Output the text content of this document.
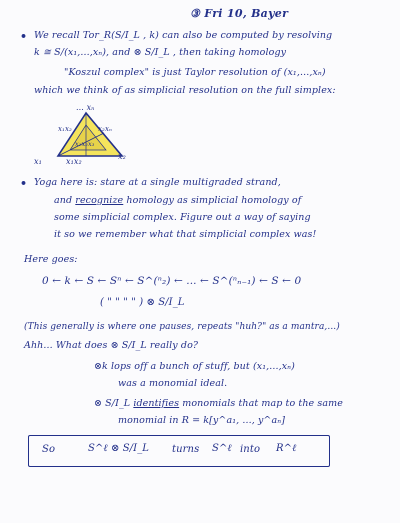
③ Fri 10, Bayer
• We recall Tor_R(S/I_L , k) can also be computed by resolving
k ≅ S/(x₁,...,xₙ), and ⊗ S/I_L , then taking homology
"Koszul complex" is just Taylor resolution of (x₁,...,xₙ)
which we think of as simplicial resolution on the full simplex:
... xₙ
x₁x₂	x₂xₙ
x₁x₂x₃
x₁	x₁x₂
x₂
• Yoga here is: stare at a single multigraded strand,
and recognize homology as simplicial homology of
some simplicial complex. Figure out a way of saying
it so we remember what that simplicial complex was!
Here goes:
0 ← k ← S ← Sⁿ ← S^(ⁿ₂) ← ... ← S^(ⁿₙ₋₁) ← S ← 0
( " " " " ) ⊗ S/I_L
(This generally is where one pauses, repeats "huh?" as a mantra,...)
Ahh... What does ⊗ S/I_L really do?
⊗k lops off a bunch of stuff, but (x₁,...,xₙ)
was a monomial ideal.
⊗ S/I_L identifies monomials that map to the same
monomial in R = k[y^a₁, ..., y^aₙ]
So	S^ℓ ⊗ S/I_L turns S^ℓ into R^ℓ
